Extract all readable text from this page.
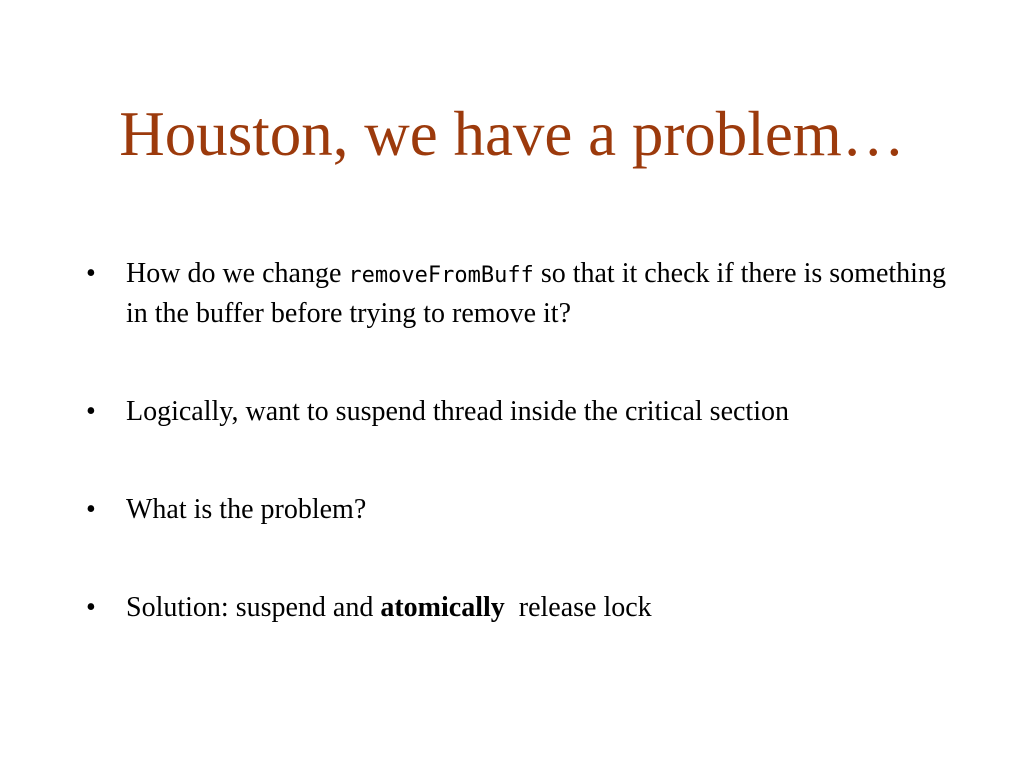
Houston, we have a problem…
•	How do we change removeFromBuff so that it check if there is something in the buffer before trying to remove it?
•	Logically, want to suspend thread inside the critical section
•	What is the problem?
•	Solution: suspend and atomically  release lock
